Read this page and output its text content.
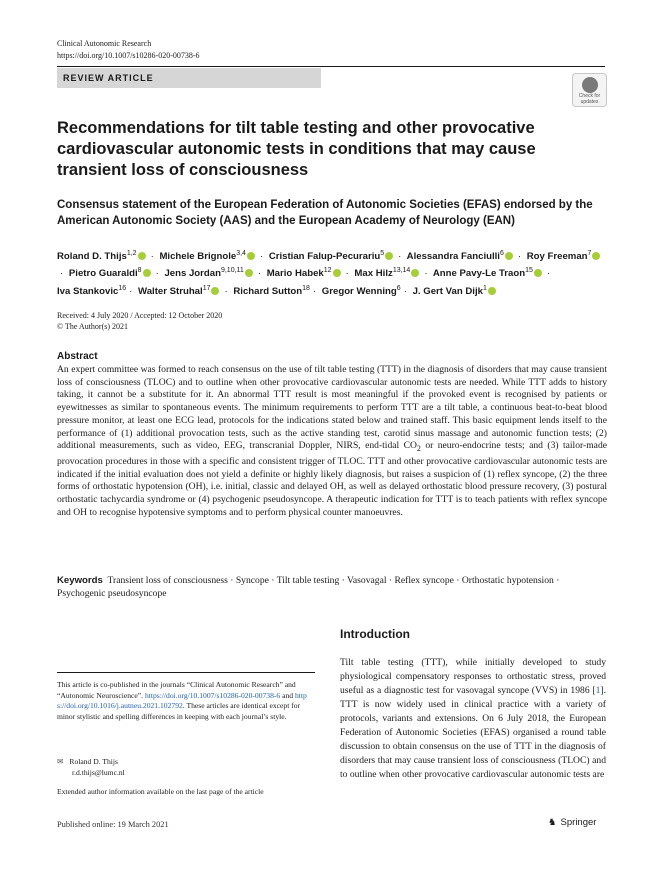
Clinical Autonomic Research
https://doi.org/10.1007/s10286-020-00738-6
REVIEW ARTICLE
Check for
updates
Recommendations for tilt table testing and other provocative cardiovascular autonomic tests in conditions that may cause transient loss of consciousness
Consensus statement of the European Federation of Autonomic Societies (EFAS) endorsed by the American Autonomic Society (AAS) and the European Academy of Neurology (EAN)
Roland D. Thijs$^{1,2}$ · Michele Brignole$^{3,4}$ · Cristian Falup-Pecurariu$^5$ · Alessandra Fanciulli$^6$ · Roy Freeman$^7$· Pietro Guaraldi$^8$ · Jens Jordan$^{9,10,11}$ · Mario Habek$^{12}$ · Max Hilz$^{13,14}$ · Anne Pavy-Le Traon$^{15}$ · Iva Stankovic$^{16}$ · Walter Struhal$^{17}$ · Richard Sutton$^{18}$ · Gregor Wenning$^6$ · J. Gert Van Dijk$^1$
Received: 4 July 2020 / Accepted: 12 October 2020
© The Author(s) 2021
Abstract
An expert committee was formed to reach consensus on the use of tilt table testing (TTT) in the diagnosis of disorders that may cause transient loss of consciousness (TLOC) and to outline when other provocative cardiovascular autonomic tests are needed. While TTT adds to history taking, it cannot be a substitute for it. An abnormal TTT result is most meaningful if the provoked event is recognised by patients or eyewitnesses as similar to spontaneous events. The minimum requirements to perform TTT are a tilt table, a continuous beat-to-beat blood pressure monitor, at least one ECG lead, protocols for the indications stated below and trained staff. This basic equipment lends itself to the performance of (1) additional provocation tests, such as the active standing test, carotid sinus massage and autonomic function tests; (2) additional measurements, such as video, EEG, transcranial Doppler, NIRS, end-tidal $CO_2$ or neuro-endocrine tests; and (3) tailor-made provocation procedures in those with a specific and consistent trigger of TLOC. TTT and other provocative cardiovascular autonomic tests are indicated if the initial evaluation does not yield a definite or highly likely diagnosis, but raises a suspicion of (1) reflex syncope, (2) the three forms of orthostatic hypotension (OH), i.e. initial, classic and delayed OH, as well as delayed orthostatic blood pressure recovery, (3) postural orthostatic tachycardia syndrome or (4) psychogenic pseudosyncope. A therapeutic indication for TTT is to teach patients with reflex syncope and OH to recognise hypotensive symptoms and to perform physical counter manoeuvres.
Keywords Transient loss of consciousness · Syncope · Tilt table testing · Vasovagal · Reflex syncope · Orthostatic hypotension · Psychogenic pseudosyncope
Introduction
Tilt table testing (TTT), while initially developed to study physiological compensatory responses to orthostatic stress, proved useful as a diagnostic test for vasovagal syncope (VVS) in 1986 [1]. TTT is now widely used in clinical practice with a variety of protocols, variants and extensions. On 6 July 2018, the European Federation of Autonomic Societies (EFAS) organised a round table discussion to obtain consensus on the use of TTT in the diagnosis of disorders that may cause transient loss of consciousness (TLOC) and to outline when other provocative cardiovascular autonomic tests are
This article is co-published in the journals “Clinical Autonomic Research” and “Autonomic Neuroscience”. https://doi.org/10.1007/s10286-020-00738-6 and https://doi.org/10.1016/j.autneu.2021.102792. These articles are identical except for minor stylistic and spelling differences in keeping with each journal’s style.
✉ Roland D. Thijs
r.d.thijs@lumc.nl
Extended author information available on the last page of the article
Published online: 19 March 2021	♞ Springer
